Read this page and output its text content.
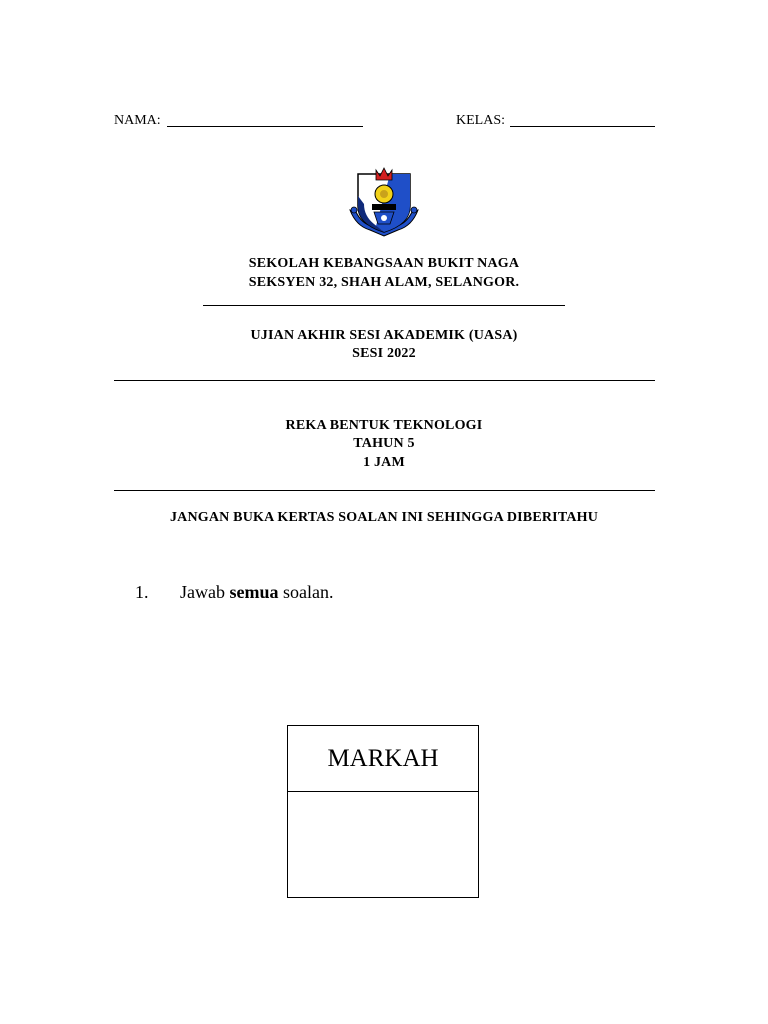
NAMA:	KELAS:
SEKOLAH KEBANGSAAN BUKIT NAGA
SEKSYEN 32, SHAH ALAM, SELANGOR.
UJIAN AKHIR SESI AKADEMIK (UASA)
SESI 2022
REKA BENTUK TEKNOLOGI
TAHUN 5
1 JAM
JANGAN BUKA KERTAS SOALAN INI SEHINGGA DIBERITAHU
1. Jawab semua soalan.
MARKAH
